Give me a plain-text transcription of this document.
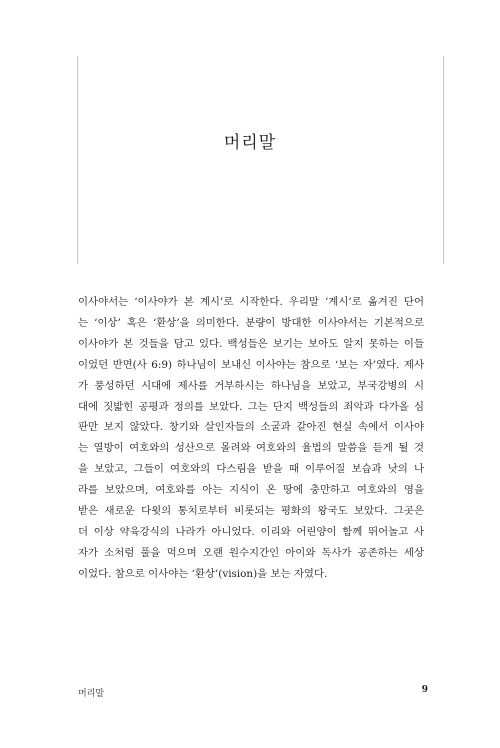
머리말
이사야서는 ‘이사야가 본 계시’로 시작한다. 우리말 ‘계시’로 옮겨진 단어
는 ‘이상’ 혹은 ‘환상’을 의미한다. 분량이 방대한 이사야서는 기본적으로
이사야가 본 것들을 담고 있다. 백성들은 보기는 보아도 알지 못하는 이들
이었던 반면(사 6:9) 하나님이 보내신 이사야는 참으로 ‘보는 자’였다. 제사
가 풍성하던 시대에 제사를 거부하시는 하나님을 보았고, 부국강병의 시
대에 짓밟힌 공평과 정의를 보았다. 그는 단지 백성들의 죄악과 다가올 심
판만 보지 않았다. 창기와 살인자들의 소굴과 같아진 현실 속에서 이사야
는 열방이 여호와의 성산으로 몰려와 여호와의 율법의 말씀을 듣게 될 것
을 보았고, 그들이 여호와의 다스림을 받을 때 이루어질 보습과 낫의 나
라를 보았으며, 여호와를 아는 지식이 온 땅에 충만하고 여호와의 영을
받은 새로운 다윗의 통치로부터 비롯되는 평화의 왕국도 보았다. 그곳은
더 이상 약육강식의 나라가 아니었다. 이리와 어린양이 함께 뛰어놀고 사
자가 소처럼 풀을 먹으며 오랜 원수지간인 아이와 독사가 공존하는 세상
이었다. 참으로 이사야는 ‘환상’(vision)을 보는 자였다.
머리말	9
